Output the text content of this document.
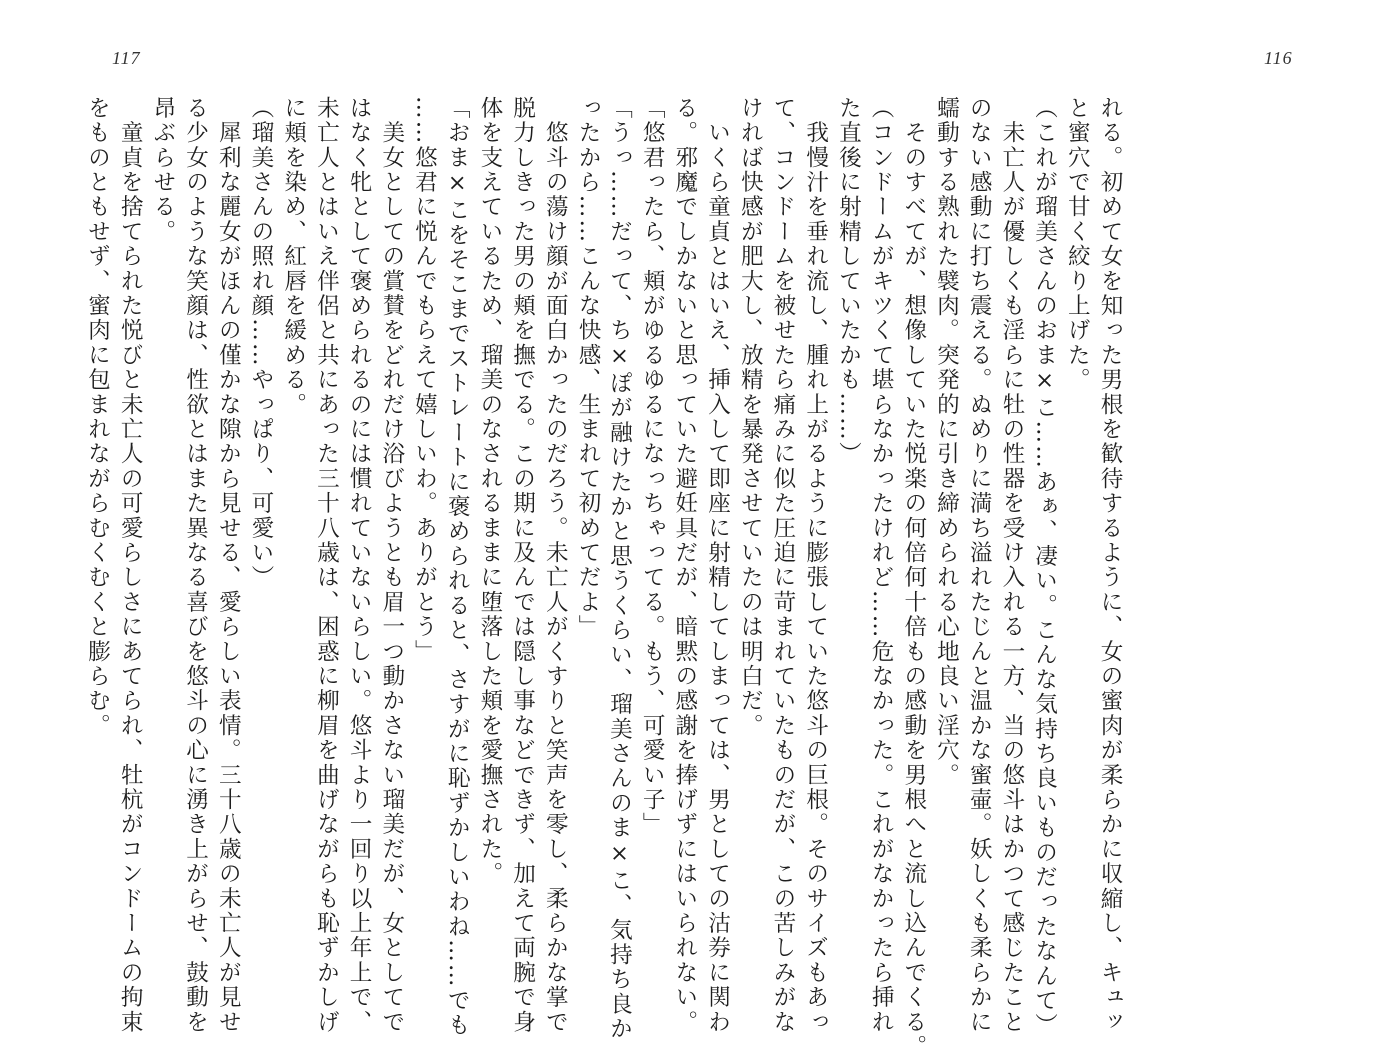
117	116

れる。初めて女を知った男根を歓待するように、女の蜜肉が柔らかに収縮し、キュッ

と蜜穴で甘く絞り上げた。

（これが瑠美さんのおま×こ……あぁ、凄い。こんな気持ち良いものだったなんて）

　未亡人が優しくも淫らに牡の性器を受け入れる一方、当の悠斗はかつて感じたこと

のない感動に打ち震える。ぬめりに満ち溢れたじんと温かな蜜壷。妖しくも柔らかに

蠕動する熟れた襞肉。突発的に引き締められる心地良い淫穴。

　そのすべてが、想像していた悦楽の何倍何十倍もの感動を男根へと流し込んでくる。

（コンドームがキツくて堪らなかったけれど……危なかった。これがなかったら挿れ

た直後に射精していたかも……）

　我慢汁を垂れ流し、腫れ上がるように膨張していた悠斗の巨根。そのサイズもあっ

て、コンドームを被せたら痛みに似た圧迫に苛まれていたものだが、この苦しみがな

ければ快感が肥大し、放精を暴発させていたのは明白だ。

　いくら童貞とはいえ、挿入して即座に射精してしまっては、男としての沽券に関わ

る。邪魔でしかないと思っていた避妊具だが、暗黙の感謝を捧げずにはいられない。

「悠君ったら、頬がゆるゆるになっちゃってる。もう、可愛い子」

「うっ……だって、ち×ぽが融けたかと思うくらい、瑠美さんのま×こ、気持ち良か

ったから……こんな快感、生まれて初めてだよ」

　悠斗の蕩け顔が面白かったのだろう。未亡人がくすりと笑声を零し、柔らかな掌で

脱力しきった男の頬を撫でる。この期に及んでは隠し事などできず、加えて両腕で身

体を支えているため、瑠美のなされるままに堕落した頬を愛撫された。

「おま×こをそこまでストレートに褒められると、さすがに恥ずかしいわね……でも

……悠君に悦んでもらえて嬉しいわ。ありがとう」

　美女としての賞賛をどれだけ浴びようとも眉一つ動かさない瑠美だが、女としてで

はなく牝として褒められるのには慣れていないらしい。悠斗より一回り以上年上で、

未亡人とはいえ伴侶と共にあった三十八歳は、困惑に柳眉を曲げながらも恥ずかしげ

に頬を染め、紅唇を緩める。

（瑠美さんの照れ顔……やっぱり、可愛い）

　犀利な麗女がほんの僅かな隙から見せる、愛らしい表情。三十八歳の未亡人が見せ

る少女のような笑顔は、性欲とはまた異なる喜びを悠斗の心に湧き上がらせ、鼓動を

昂ぶらせる。

　童貞を捨てられた悦びと未亡人の可愛らしさにあてられ、牡杭がコンドームの拘束

をものともせず、蜜肉に包まれながらむくむくと膨らむ。
